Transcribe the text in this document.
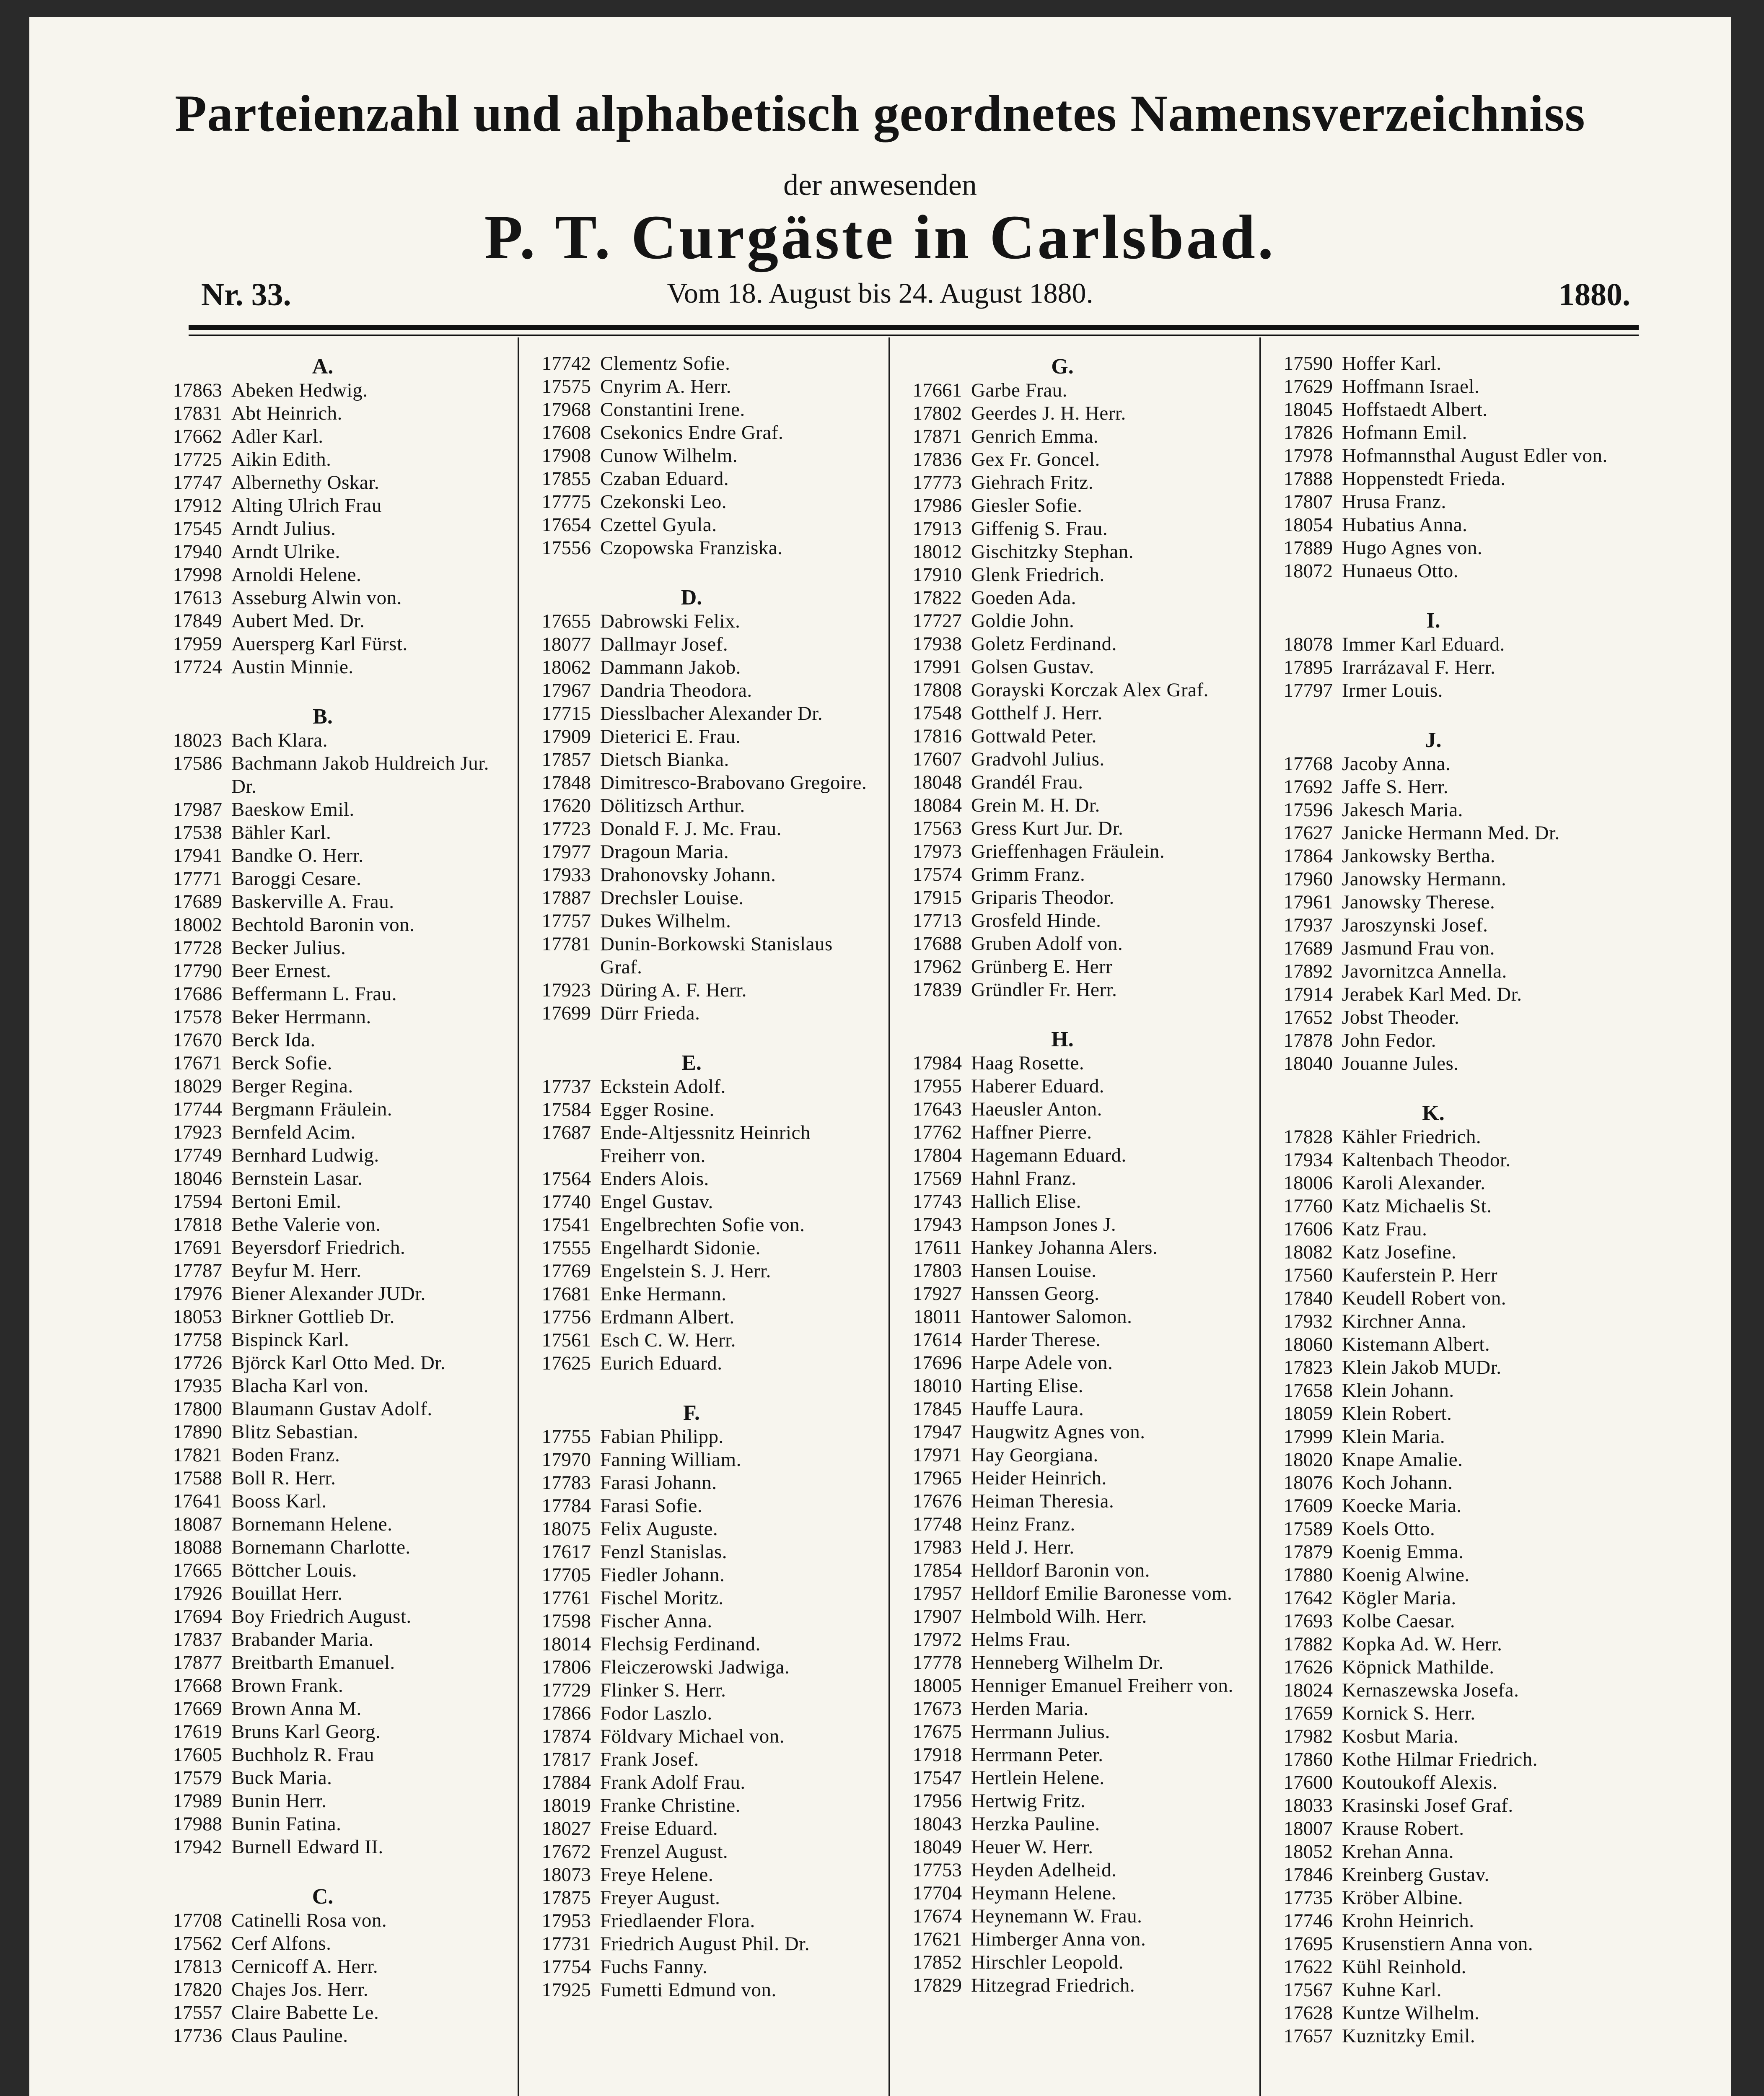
Parteienzahl und alphabetisch geordnetes Namensverzeichniss
der anwesenden
P. T. Curgäste in Carlsbad.
Nr. 33.	Vom 18. August bis 24. August 1880.	1880.
A.
17863 Abeken Hedwig.
17831 Abt Heinrich.
17662 Adler Karl.
17725 Aikin Edith.
17747 Albernethy Oskar.
17912 Alting Ulrich Frau
17545 Arndt Julius.
17940 Arndt Ulrike.
17998 Arnoldi Helene.
17613 Asseburg Alwin von.
17849 Aubert Med. Dr.
17959 Auersperg Karl Fürst.
17724 Austin Minnie.
B.
18023 Bach Klara.
17586 Bachmann Jakob Huldreich Jur. Dr.
17987 Baeskow Emil.
17538 Bähler Karl.
17941 Bandke O. Herr.
17771 Baroggi Cesare.
17689 Baskerville A. Frau.
18002 Bechtold Baronin von.
17728 Becker Julius.
17790 Beer Ernest.
17686 Beffermann L. Frau.
17578 Beker Herrmann.
17670 Berck Ida.
17671 Berck Sofie.
18029 Berger Regina.
17744 Bergmann Fräulein.
17923 Bernfeld Acim.
17749 Bernhard Ludwig.
18046 Bernstein Lasar.
17594 Bertoni Emil.
17818 Bethe Valerie von.
17691 Beyersdorf Friedrich.
17787 Beyfur M. Herr.
17976 Biener Alexander JUDr.
18053 Birkner Gottlieb Dr.
17758 Bispinck Karl.
17726 Björck Karl Otto Med. Dr.
17935 Blacha Karl von.
17800 Blaumann Gustav Adolf.
17890 Blitz Sebastian.
17821 Boden Franz.
17588 Boll R. Herr.
17641 Booss Karl.
18087 Bornemann Helene.
18088 Bornemann Charlotte.
17665 Böttcher Louis.
17926 Bouillat Herr.
17694 Boy Friedrich August.
17837 Brabander Maria.
17877 Breitbarth Emanuel.
17668 Brown Frank.
17669 Brown Anna M.
17619 Bruns Karl Georg.
17605 Buchholz R. Frau
17579 Buck Maria.
17989 Bunin Herr.
17988 Bunin Fatina.
17942 Burnell Edward II.
C.
17708 Catinelli Rosa von.
17562 Cerf Alfons.
17813 Cernicoff A. Herr.
17820 Chajes Jos. Herr.
17557 Claire Babette Le.
17736 Claus Pauline.
17742 Clementz Sofie.
17575 Cnyrim A. Herr.
17968 Constantini Irene.
17608 Csekonics Endre Graf.
17908 Cunow Wilhelm.
17855 Czaban Eduard.
17775 Czekonski Leo.
17654 Czettel Gyula.
17556 Czopowska Franziska.
D.
17655 Dabrowski Felix.
18077 Dallmayr Josef.
18062 Dammann Jakob.
17967 Dandria Theodora.
17715 Diesslbacher Alexander Dr.
17909 Dieterici E. Frau.
17857 Dietsch Bianka.
17848 Dimitresco-Brabovano Gregoire.
17620 Dölitizsch Arthur.
17723 Donald F. J. Mc. Frau.
17977 Dragoun Maria.
17933 Drahonovsky Johann.
17887 Drechsler Louise.
17757 Dukes Wilhelm.
17781 Dunin-Borkowski Stanislaus Graf.
17923 Düring A. F. Herr.
17699 Dürr Frieda.
E.
17737 Eckstein Adolf.
17584 Egger Rosine.
17687 Ende-Altjessnitz Heinrich Freiherr von.
17564 Enders Alois.
17740 Engel Gustav.
17541 Engelbrechten Sofie von.
17555 Engelhardt Sidonie.
17769 Engelstein S. J. Herr.
17681 Enke Hermann.
17756 Erdmann Albert.
17561 Esch C. W. Herr.
17625 Eurich Eduard.
F.
17755 Fabian Philipp.
17970 Fanning William.
17783 Farasi Johann.
17784 Farasi Sofie.
18075 Felix Auguste.
17617 Fenzl Stanislas.
17705 Fiedler Johann.
17761 Fischel Moritz.
17598 Fischer Anna.
18014 Flechsig Ferdinand.
17806 Fleiczerowski Jadwiga.
17729 Flinker S. Herr.
17866 Fodor Laszlo.
17874 Földvary Michael von.
17817 Frank Josef.
17884 Frank Adolf Frau.
18019 Franke Christine.
18027 Freise Eduard.
17672 Frenzel August.
18073 Freye Helene.
17875 Freyer August.
17953 Friedlaender Flora.
17731 Friedrich August Phil. Dr.
17754 Fuchs Fanny.
17925 Fumetti Edmund von.
G.
17661 Garbe Frau.
17802 Geerdes J. H. Herr.
17871 Genrich Emma.
17836 Gex Fr. Goncel.
17773 Giehrach Fritz.
17986 Giesler Sofie.
17913 Giffenig S. Frau.
18012 Gischitzky Stephan.
17910 Glenk Friedrich.
17822 Goeden Ada.
17727 Goldie John.
17938 Goletz Ferdinand.
17991 Golsen Gustav.
17808 Gorayski Korczak Alex Graf.
17548 Gotthelf J. Herr.
17816 Gottwald Peter.
17607 Gradvohl Julius.
18048 Grandél Frau.
18084 Grein M. H. Dr.
17563 Gress Kurt Jur. Dr.
17973 Grieffenhagen Fräulein.
17574 Grimm Franz.
17915 Griparis Theodor.
17713 Grosfeld Hinde.
17688 Gruben Adolf von.
17962 Grünberg E. Herr
17839 Gründler Fr. Herr.
H.
17984 Haag Rosette.
17955 Haberer Eduard.
17643 Haeusler Anton.
17762 Haffner Pierre.
17804 Hagemann Eduard.
17569 Hahnl Franz.
17743 Hallich Elise.
17943 Hampson Jones J.
17611 Hankey Johanna Alers.
17803 Hansen Louise.
17927 Hanssen Georg.
18011 Hantower Salomon.
17614 Harder Therese.
17696 Harpe Adele von.
18010 Harting Elise.
17845 Hauffe Laura.
17947 Haugwitz Agnes von.
17971 Hay Georgiana.
17965 Heider Heinrich.
17676 Heiman Theresia.
17748 Heinz Franz.
17983 Held J. Herr.
17854 Helldorf Baronin von.
17957 Helldorf Emilie Baronesse vom.
17907 Helmbold Wilh. Herr.
17972 Helms Frau.
17778 Henneberg Wilhelm Dr.
18005 Henniger Emanuel Freiherr von.
17673 Herden Maria.
17675 Herrmann Julius.
17918 Herrmann Peter.
17547 Hertlein Helene.
17956 Hertwig Fritz.
18043 Herzka Pauline.
18049 Heuer W. Herr.
17753 Heyden Adelheid.
17704 Heymann Helene.
17674 Heynemann W. Frau.
17621 Himberger Anna von.
17852 Hirschler Leopold.
17829 Hitzegrad Friedrich.
17590 Hoffer Karl.
17629 Hoffmann Israel.
18045 Hoffstaedt Albert.
17826 Hofmann Emil.
17978 Hofmannsthal August Edler von.
17888 Hoppenstedt Frieda.
17807 Hrusa Franz.
18054 Hubatius Anna.
17889 Hugo Agnes von.
18072 Hunaeus Otto.
I.
18078 Immer Karl Eduard.
17895 Irarrázaval F. Herr.
17797 Irmer Louis.
J.
17768 Jacoby Anna.
17692 Jaffe S. Herr.
17596 Jakesch Maria.
17627 Janicke Hermann Med. Dr.
17864 Jankowsky Bertha.
17960 Janowsky Hermann.
17961 Janowsky Therese.
17937 Jaroszynski Josef.
17689 Jasmund Frau von.
17892 Javornitzca Annella.
17914 Jerabek Karl Med. Dr.
17652 Jobst Theoder.
17878 John Fedor.
18040 Jouanne Jules.
K.
17828 Kähler Friedrich.
17934 Kaltenbach Theodor.
18006 Karoli Alexander.
17760 Katz Michaelis St.
17606 Katz Frau.
18082 Katz Josefine.
17560 Kauferstein P. Herr
17840 Keudell Robert von.
17932 Kirchner Anna.
18060 Kistemann Albert.
17823 Klein Jakob MUDr.
17658 Klein Johann.
18059 Klein Robert.
17999 Klein Maria.
18020 Knape Amalie.
18076 Koch Johann.
17609 Koecke Maria.
17589 Koels Otto.
17879 Koenig Emma.
17880 Koenig Alwine.
17642 Kögler Maria.
17693 Kolbe Caesar.
17882 Kopka Ad. W. Herr.
17626 Köpnick Mathilde.
18024 Kernaszewska Josefa.
17659 Kornick S. Herr.
17982 Kosbut Maria.
17860 Kothe Hilmar Friedrich.
17600 Koutoukoff Alexis.
18033 Krasinski Josef Graf.
18007 Krause Robert.
18052 Krehan Anna.
17846 Kreinberg Gustav.
17735 Kröber Albine.
17746 Krohn Heinrich.
17695 Krusenstiern Anna von.
17622 Kühl Reinhold.
17567 Kuhne Karl.
17628 Kuntze Wilhelm.
17657 Kuznitzky Emil.
